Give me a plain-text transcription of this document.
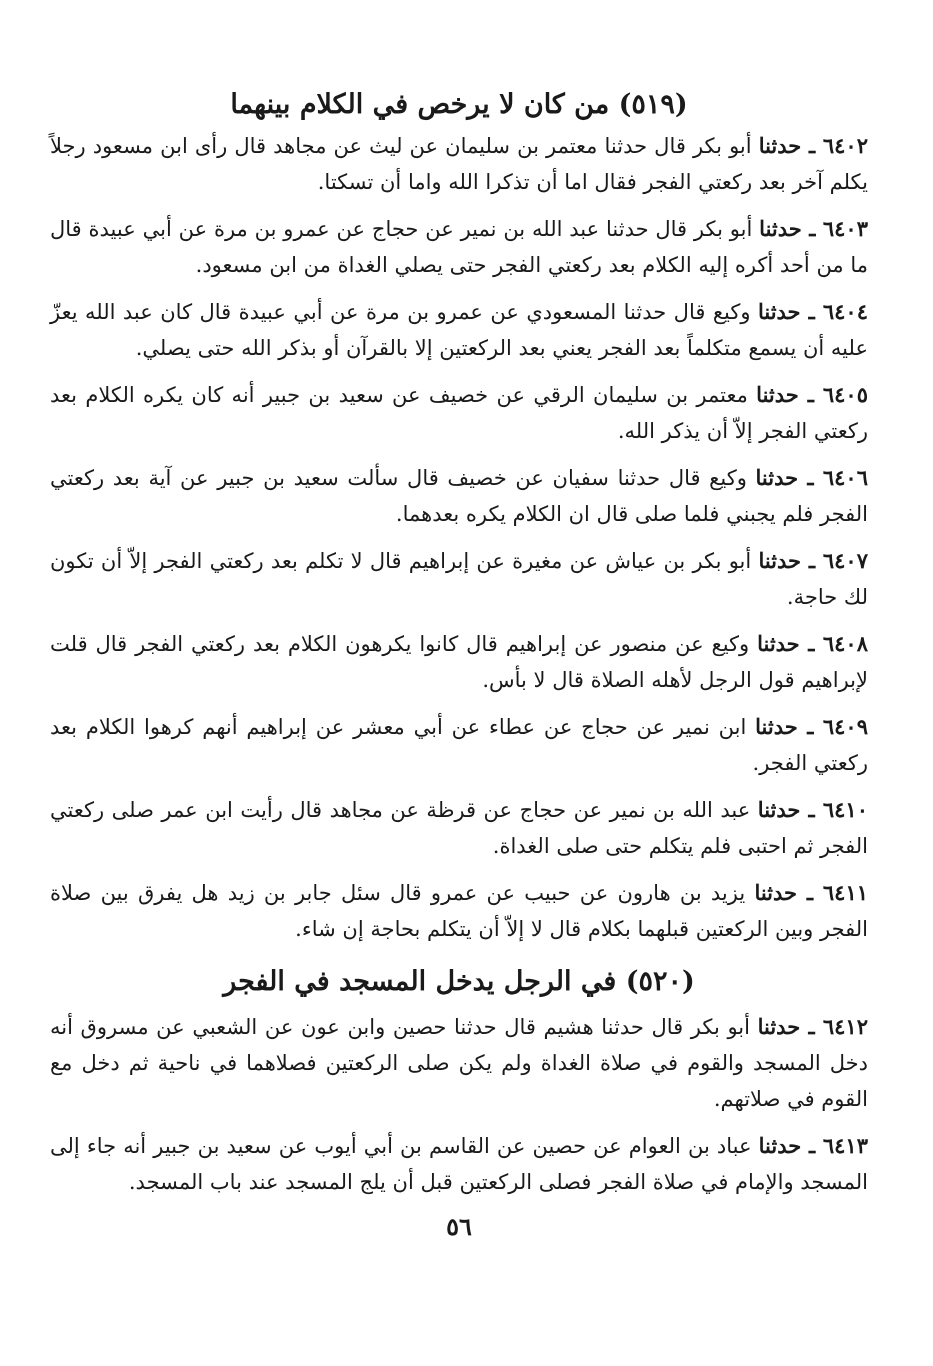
(٥١٩) من كان لا يرخص في الكلام بينهما

٦٤٠٢ ـ حدثنا أبو بكر قال حدثنا معتمر بن سليمان عن ليث عن مجاهد قال رأى ابن مسعود رجلاً يكلم آخر بعد ركعتي الفجر فقال اما أن تذكرا الله واما أن تسكتا.

٦٤٠٣ ـ حدثنا أبو بكر قال حدثنا عبد الله بن نمير عن حجاج عن عمرو بن مرة عن أبي عبيدة قال ما من أحد أكره إليه الكلام بعد ركعتي الفجر حتى يصلي الغداة من ابن مسعود.

٦٤٠٤ ـ حدثنا وكيع قال حدثنا المسعودي عن عمرو بن مرة عن أبي عبيدة قال كان عبد الله يعزّ عليه أن يسمع متكلماً بعد الفجر يعني بعد الركعتين إلا بالقرآن أو بذكر الله حتى يصلي.

٦٤٠٥ ـ حدثنا معتمر بن سليمان الرقي عن خصيف عن سعيد بن جبير أنه كان يكره الكلام بعد ركعتي الفجر إلاّ أن يذكر الله.

٦٤٠٦ ـ حدثنا وكيع قال حدثنا سفيان عن خصيف قال سألت سعيد بن جبير عن آية بعد ركعتي الفجر فلم يجبني فلما صلى قال ان الكلام يكره بعدهما.

٦٤٠٧ ـ حدثنا أبو بكر بن عياش عن مغيرة عن إبراهيم قال لا تكلم بعد ركعتي الفجر إلاّ أن تكون لك حاجة.

٦٤٠٨ ـ حدثنا وكيع عن منصور عن إبراهيم قال كانوا يكرهون الكلام بعد ركعتي الفجر قال قلت لإبراهيم قول الرجل لأهله الصلاة قال لا بأس.

٦٤٠٩ ـ حدثنا ابن نمير عن حجاج عن عطاء عن أبي معشر عن إبراهيم أنهم كرهوا الكلام بعد ركعتي الفجر.

٦٤١٠ ـ حدثنا عبد الله بن نمير عن حجاج عن قرظة عن مجاهد قال رأيت ابن عمر صلى ركعتي الفجر ثم احتبى فلم يتكلم حتى صلى الغداة.

٦٤١١ ـ حدثنا يزيد بن هارون عن حبيب عن عمرو قال سئل جابر بن زيد هل يفرق بين صلاة الفجر وبين الركعتين قبلهما بكلام قال لا إلاّ أن يتكلم بحاجة إن شاء.

(٥٢٠) في الرجل يدخل المسجد في الفجر

٦٤١٢ ـ حدثنا أبو بكر قال حدثنا هشيم قال حدثنا حصين وابن عون عن الشعبي عن مسروق أنه دخل المسجد والقوم في صلاة الغداة ولم يكن صلى الركعتين فصلاهما في ناحية ثم دخل مع القوم في صلاتهم.

٦٤١٣ ـ حدثنا عباد بن العوام عن حصين عن القاسم بن أبي أيوب عن سعيد بن جبير أنه جاء إلى المسجد والإمام في صلاة الفجر فصلى الركعتين قبل أن يلج المسجد عند باب المسجد.

٥٦
